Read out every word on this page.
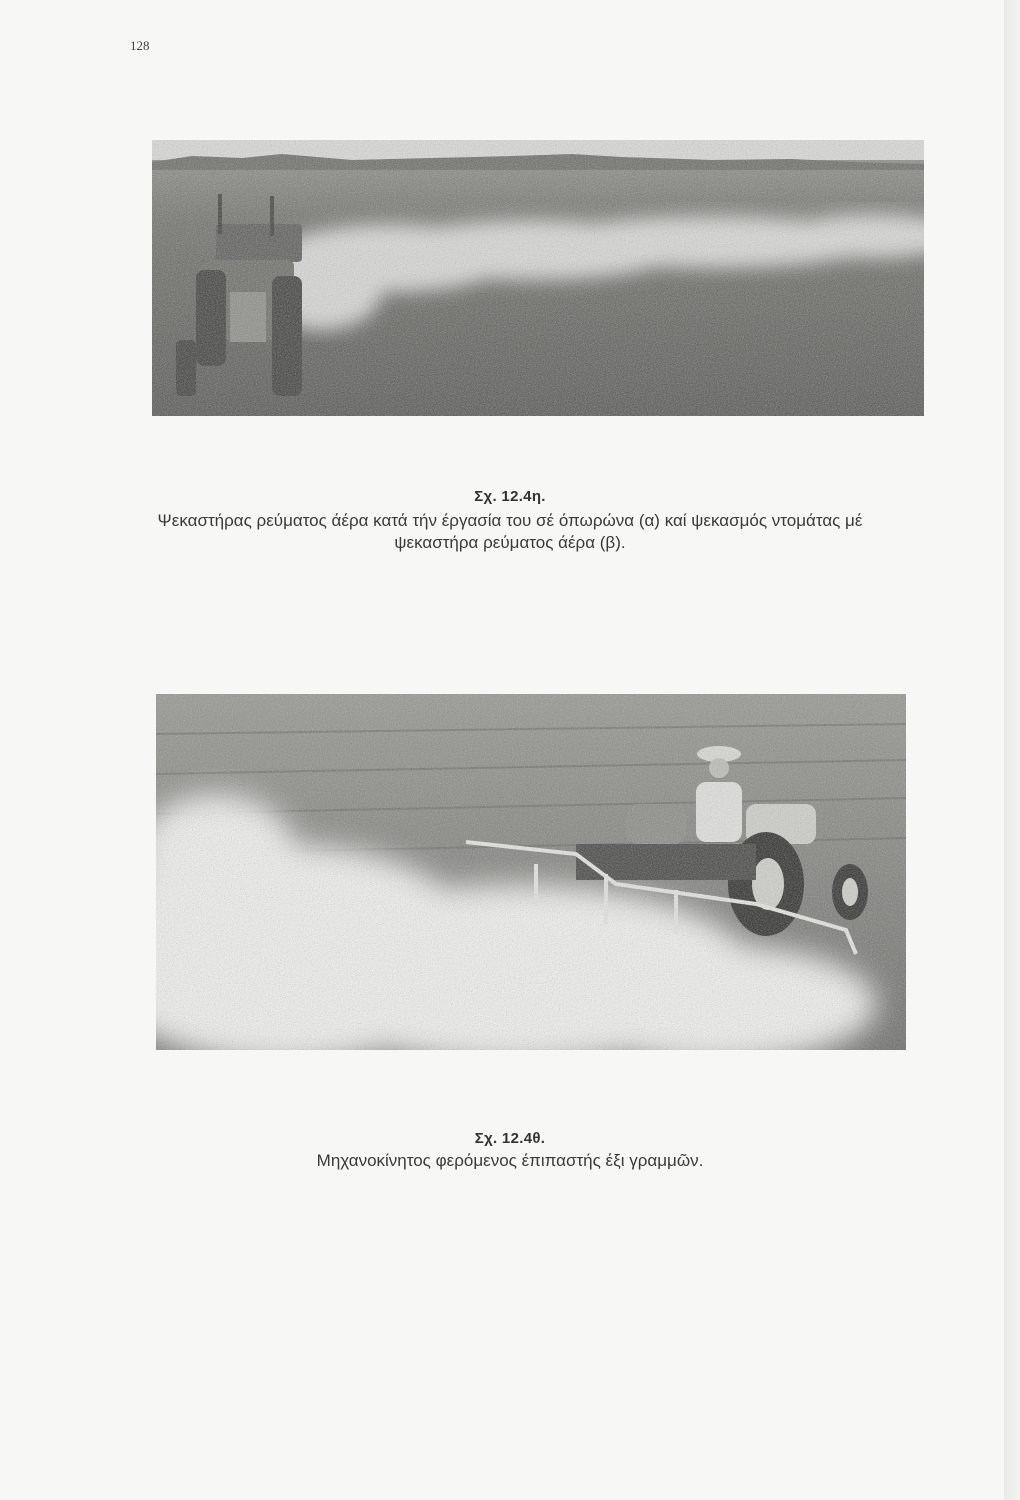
128
Σχ. 12.4η.
Ψεκαστήρας ρεύματος άέρα κατά τήν έργασία του σέ όπωρώνα (α) καί ψεκασμός ντομάτας μέ
ψεκαστήρα ρεύματος άέρα (β).
Σχ. 12.4θ.
Μηχανοκίνητος φερόμενος έπιπαστής έξι γραμμῶν.
